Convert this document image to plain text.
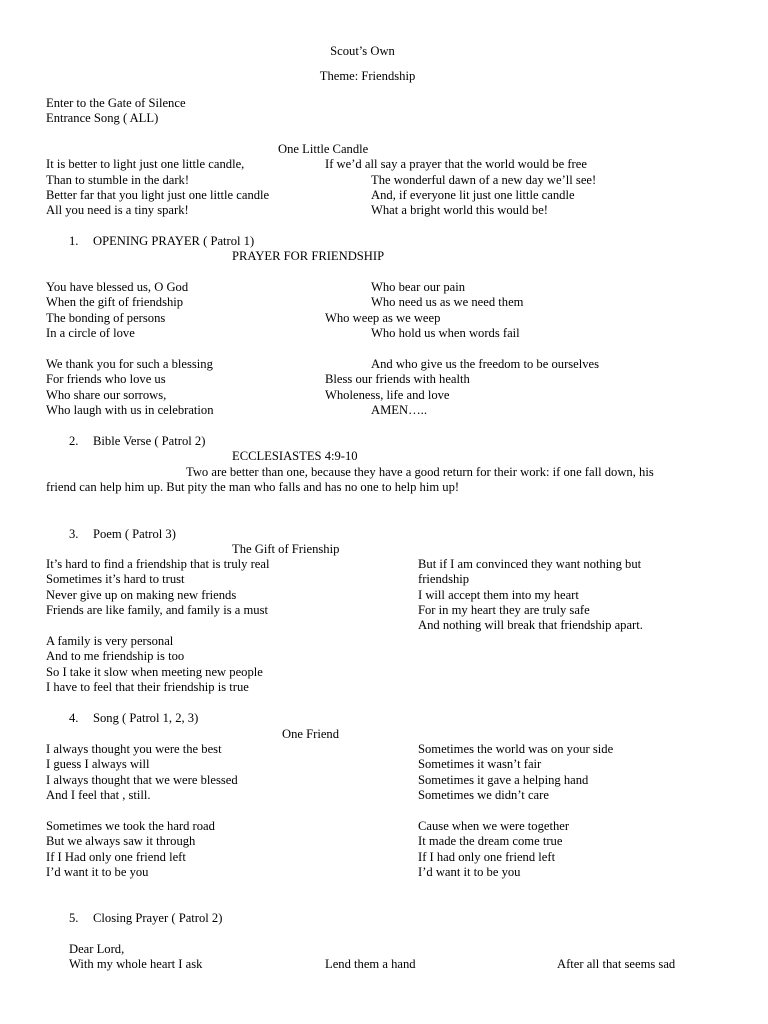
Scout’s Own
Theme: Friendship
Enter to the Gate of Silence
Entrance Song ( ALL)
One Little Candle
It is better to light just one little candle,
Than to stumble in the dark!
Better far that you light just one little candle
All you need is a tiny spark!
If we’d all say a prayer that the world would be free
The wonderful dawn of a new day we’ll see!
And, if everyone lit just one little candle
What a bright world this would be!
1. OPENING PRAYER ( Patrol 1)
PRAYER FOR FRIENDSHIP
You have blessed us, O God
When the gift of friendship
The bonding of persons
In a circle of love
Who bear our pain
Who need us as we need them
Who weep as we weep
Who hold us when words fail
We thank you for such a blessing
For friends who love us
Who share our sorrows,
Who laugh with us in celebration
And who give us the freedom to be ourselves
Bless our friends with health
Wholeness, life and love
AMEN…..
2. Bible Verse ( Patrol 2)
ECCLESIASTES 4:9-10
Two are better than one, because they have a good return for their work: if one fall down, his
friend can help him up. But pity the man who falls and has no one to help him up!
3. Poem ( Patrol 3)
The Gift of Frienship
It’s hard to find a friendship that is truly real
Sometimes it’s hard to trust
Never give up on making new friends
Friends are like family, and family is a must
A family is very personal
And to me friendship is too
So I take it slow when meeting new people
I have to feel that their friendship is true
But if I am convinced they want nothing but
friendship
I will accept them into my heart
For in my heart they are truly safe
And nothing will break that friendship apart.
4. Song ( Patrol 1, 2, 3)
One Friend
I always thought you were the best
I guess I always will
I always thought that we were blessed
And I feel that , still.
Sometimes the world was on your side
Sometimes it wasn’t fair
Sometimes it gave a helping hand
Sometimes we didn’t care
Sometimes we took the hard road
But we always saw it through
If I Had only one friend left
I’d want it to be you
Cause when we were together
It made the dream come true
If I had only one friend left
I’d want it to be you
5. Closing Prayer ( Patrol 2)
Dear Lord,
With my whole heart I ask	Lend them a hand	After all that seems sad
